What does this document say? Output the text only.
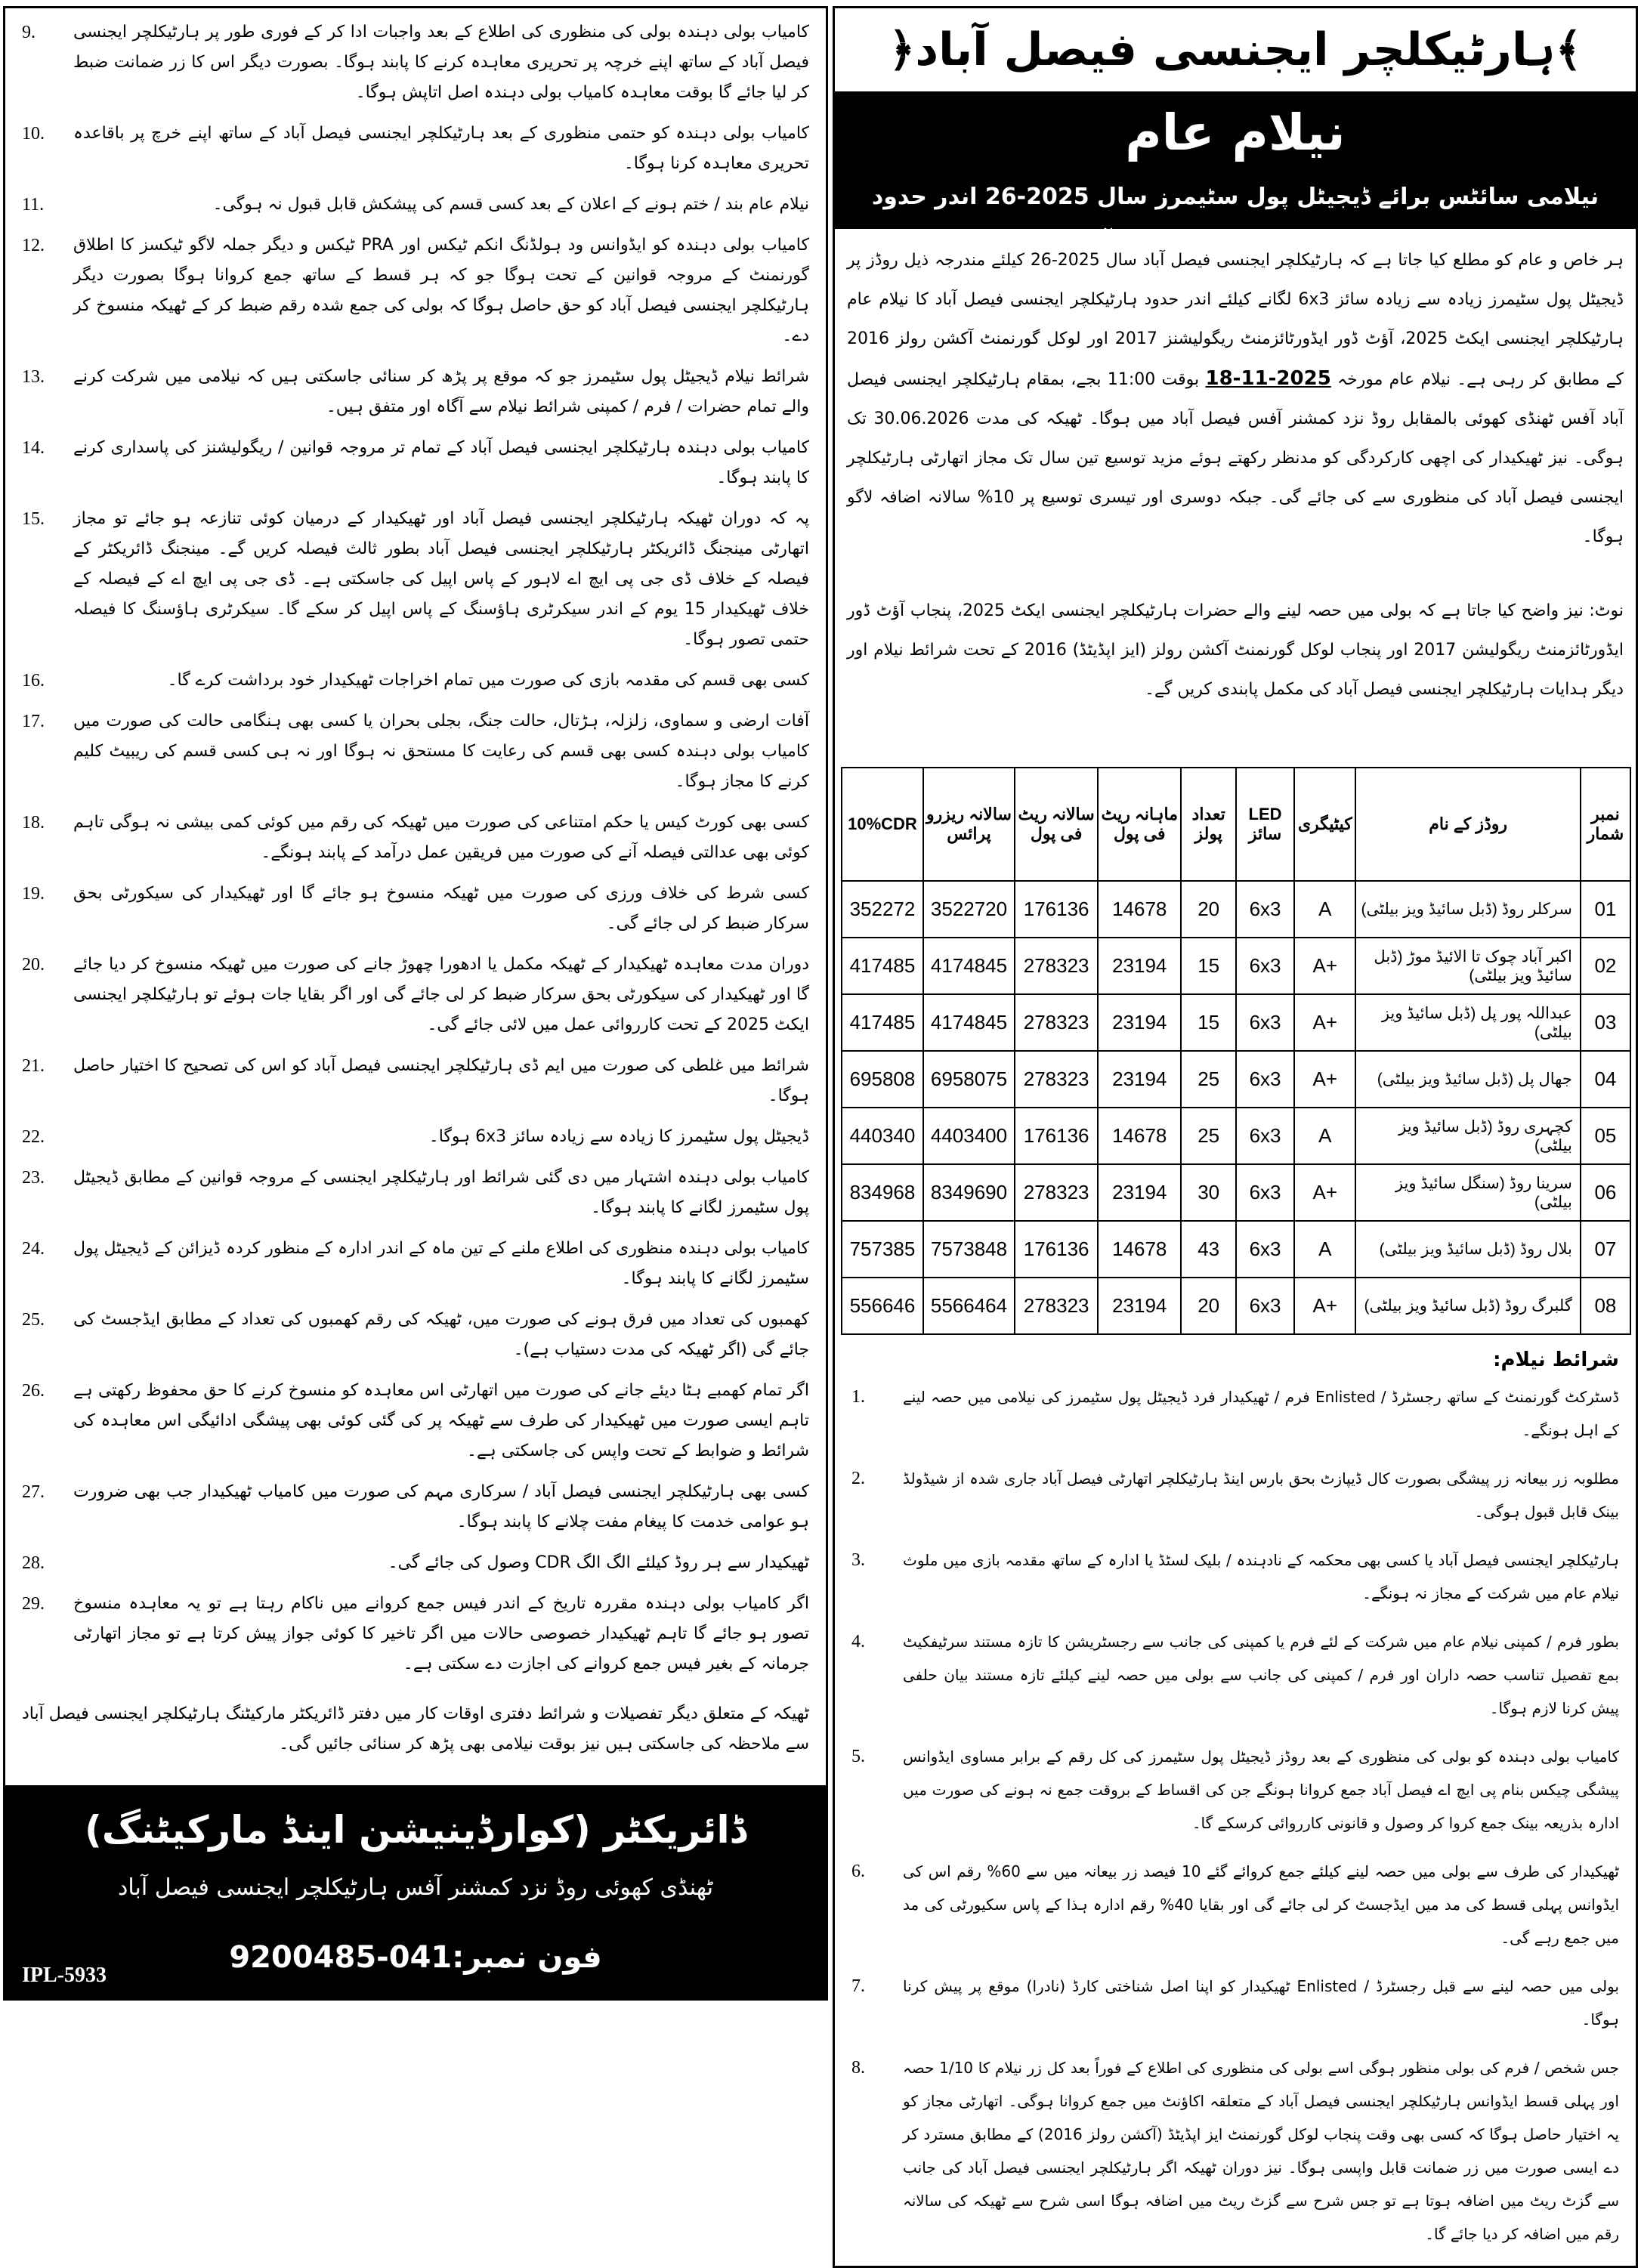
کامیاب بولی دہندہ بولی کی منظوری کی اطلاع کے بعد واجبات ادا کر کے فوری طور پر ہارٹیکلچر ایجنسی فیصل آباد کے ساتھ اپنے خرچہ پر تحریری معاہدہ کرنے کا پابند ہوگا۔ بصورت دیگر اس کا زر ضمانت ضبط کر لیا جائے گا بوقت معاہدہ کامیاب بولی دہندہ اصل اتاپش ہوگا۔
9.
کامیاب بولی دہندہ کو حتمی منظوری کے بعد ہارٹیکلچر ایجنسی فیصل آباد کے ساتھ اپنے خرچ پر باقاعدہ تحریری معاہدہ کرنا ہوگا۔
10.
نیلام عام بند / ختم ہونے کے اعلان کے بعد کسی قسم کی پیشکش قابل قبول نہ ہوگی۔
11.
کامیاب بولی دہندہ کو ایڈوانس ود ہولڈنگ انکم ٹیکس اور PRA ٹیکس و دیگر جملہ لاگو ٹیکسز کا اطلاق گورنمنٹ کے مروجہ قوانین کے تحت ہوگا جو کہ ہر قسط کے ساتھ جمع کروانا ہوگا بصورت دیگر ہارٹیکلچر ایجنسی فیصل آباد کو حق حاصل ہوگا کہ بولی کی جمع شدہ رقم ضبط کر کے ٹھیکہ منسوخ کر دے۔
12.
شرائط نیلام ڈیجیٹل پول سٹیمرز جو کہ موقع پر پڑھ کر سنائی جاسکتی ہیں کہ نیلامی میں شرکت کرنے والے تمام حضرات / فرم / کمپنی شرائط نیلام سے آگاہ اور متفق ہیں۔
13.
کامیاب بولی دہندہ ہارٹیکلچر ایجنسی فیصل آباد کے تمام تر مروجہ قوانین / ریگولیشنز کی پاسداری کرنے کا پابند ہوگا۔
14.
پہ کہ دوران ٹھیکہ ہارٹیکلچر ایجنسی فیصل آباد اور ٹھیکیدار کے درمیان کوئی تنازعہ ہو جائے تو مجاز اتھارٹی مینجنگ ڈائریکٹر ہارٹیکلچر ایجنسی فیصل آباد بطور ثالث فیصلہ کریں گے۔ مینجنگ ڈائریکٹر کے فیصلہ کے خلاف ڈی جی پی ایچ اے لاہور کے پاس اپیل کی جاسکتی ہے۔ ڈی جی پی ایچ اے کے فیصلہ کے خلاف ٹھیکیدار 15 یوم کے اندر سیکرٹری ہاؤسنگ کے پاس اپیل کر سکے گا۔ سیکرٹری ہاؤسنگ کا فیصلہ حتمی تصور ہوگا۔
15.
کسی بھی قسم کی مقدمہ بازی کی صورت میں تمام اخراجات ٹھیکیدار خود برداشت کرے گا۔
16.
آفات ارضی و سماوی، زلزلہ، ہڑتال، حالت جنگ، بجلی بحران یا کسی بھی ہنگامی حالت کی صورت میں کامیاب بولی دہندہ کسی بھی قسم کی رعایت کا مستحق نہ ہوگا اور نہ ہی کسی قسم کی ریبیٹ کلیم کرنے کا مجاز ہوگا۔
17.
کسی بھی کورٹ کیس یا حکم امتناعی کی صورت میں ٹھیکہ کی رقم میں کوئی کمی بیشی نہ ہوگی تاہم کوئی بھی عدالتی فیصلہ آنے کی صورت میں فریقین عمل درآمد کے پابند ہونگے۔
18.
کسی شرط کی خلاف ورزی کی صورت میں ٹھیکہ منسوخ ہو جائے گا اور ٹھیکیدار کی سیکورٹی بحق سرکار ضبط کر لی جائے گی۔
19.
دوران مدت معاہدہ ٹھیکیدار کے ٹھیکہ مکمل یا ادھورا چھوڑ جانے کی صورت میں ٹھیکہ منسوخ کر دیا جائے گا اور ٹھیکیدار کی سیکورٹی بحق سرکار ضبط کر لی جائے گی اور اگر بقایا جات ہوئے تو ہارٹیکلچر ایجنسی ایکٹ 2025 کے تحت کارروائی عمل میں لائی جائے گی۔
20.
شرائط میں غلطی کی صورت میں ایم ڈی ہارٹیکلچر ایجنسی فیصل آباد کو اس کی تصحیح کا اختیار حاصل ہوگا۔
21.
ڈیجیٹل پول سٹیمرز کا زیادہ سے زیادہ سائز 6x3 ہوگا۔
22.
کامیاب بولی دہندہ اشتہار میں دی گئی شرائط اور ہارٹیکلچر ایجنسی کے مروجہ قوانین کے مطابق ڈیجیٹل پول سٹیمرز لگانے کا پابند ہوگا۔
23.
کامیاب بولی دہندہ منظوری کی اطلاع ملنے کے تین ماہ کے اندر ادارہ کے منظور کردہ ڈیزائن کے ڈیجیٹل پول سٹیمرز لگانے کا پابند ہوگا۔
24.
کھمبوں کی تعداد میں فرق ہونے کی صورت میں، ٹھیکہ کی رقم کھمبوں کی تعداد کے مطابق ایڈجسٹ کی جائے گی (اگر ٹھیکہ کی مدت دستیاب ہے)۔
25.
اگر تمام کھمبے ہٹا دیئے جانے کی صورت میں اتھارٹی اس معاہدہ کو منسوخ کرنے کا حق محفوظ رکھتی ہے تاہم ایسی صورت میں ٹھیکیدار کی طرف سے ٹھیکہ پر کی گئی کوئی بھی پیشگی ادائیگی اس معاہدہ کی شرائط و ضوابط کے تحت واپس کی جاسکتی ہے۔
26.
کسی بھی ہارٹیکلچر ایجنسی فیصل آباد / سرکاری مہم کی صورت میں کامیاب ٹھیکیدار جب بھی ضرورت ہو عوامی خدمت کا پیغام مفت چلانے کا پابند ہوگا۔
27.
ٹھیکیدار سے ہر روڈ کیلئے الگ الگ CDR وصول کی جائے گی۔
28.
اگر کامیاب بولی دہندہ مقررہ تاریخ کے اندر فیس جمع کروانے میں ناکام رہتا ہے تو یہ معاہدہ منسوخ تصور ہو جائے گا تاہم ٹھیکیدار خصوصی حالات میں اگر تاخیر کا کوئی جواز پیش کرتا ہے تو مجاز اتھارٹی جرمانہ کے بغیر فیس جمع کروانے کی اجازت دے سکتی ہے۔
29.
ٹھیکہ کے متعلق دیگر تفصیلات و شرائط دفتری اوقات کار میں دفتر ڈائریکٹر مارکیٹنگ ہارٹیکلچر ایجنسی فیصل آباد سے ملاحظہ کی جاسکتی ہیں نیز بوقت نیلامی بھی پڑھ کر سنائی جائیں گی۔
ڈائریکٹر (کوارڈینیشن اینڈ مارکیٹنگ)
ٹھنڈی کھوئی روڈ نزد کمشنر آفس ہارٹیکلچر ایجنسی فیصل آباد
فون نمبر:041-9200485
IPL-5933
﴾ہارٹیکلچر ایجنسی فیصل آباد﴿
نیلام عام
نیلامی سائٹس برائے ڈیجیٹل پول سٹیمرز سال 2025-26 اندر حدود ہارٹیکلچر ایجنسی فیصل آباد
ہر خاص و عام کو مطلع کیا جاتا ہے کہ ہارٹیکلچر ایجنسی فیصل آباد سال 2025-26 کیلئے مندرجہ ذیل روڈز پر ڈیجیٹل پول سٹیمرز زیادہ سے زیادہ سائز 6x3 لگانے کیلئے اندر حدود ہارٹیکلچر ایجنسی فیصل آباد کا نیلام عام ہارٹیکلچر ایجنسی ایکٹ 2025، آؤٹ ڈور ایڈورٹائزمنٹ ریگولیشنز 2017 اور لوکل گورنمنٹ آکشن رولز 2016 کے مطابق کر رہی ہے۔ نیلام عام مورخہ 18-11-2025 بوقت 11:00 بجے، بمقام ہارٹیکلچر ایجنسی فیصل آباد آفس ٹھنڈی کھوئی بالمقابل روڈ نزد کمشنر آفس فیصل آباد میں ہوگا۔ ٹھیکہ کی مدت 30.06.2026 تک ہوگی۔ نیز ٹھیکیدار کی اچھی کارکردگی کو مدنظر رکھتے ہوئے مزید توسیع تین سال تک مجاز اتھارٹی ہارٹیکلچر ایجنسی فیصل آباد کی منظوری سے کی جائے گی۔ جبکہ دوسری اور تیسری توسیع پر 10% سالانہ اضافہ لاگو ہوگا۔
نوٹ: نیز واضح کیا جاتا ہے کہ بولی میں حصہ لینے والے حضرات ہارٹیکلچر ایجنسی ایکٹ 2025، پنجاب آؤٹ ڈور ایڈورٹائزمنٹ ریگولیشن 2017 اور پنجاب لوکل گورنمنٹ آکشن رولز (ایز اپڈیٹڈ) 2016 کے تحت شرائط نیلام اور دیگر ہدایات ہارٹیکلچر ایجنسی فیصل آباد کی مکمل پابندی کریں گے۔
10%CDR	سالانہ ریزرو پرائس	سالانہ ریٹ فی پول	ماہانہ ریٹ فی پول	تعداد پولز	LED سائز	کیٹیگری	روڈز کے نام	نمبر شمار
352272	3522720	176136	14678	20	6x3	A	سرکلر روڈ (ڈبل سائیڈ ویز بیلٹی)	01
417485	4174845	278323	23194	15	6x3	A+	اکبر آباد چوک تا الائیڈ موڑ (ڈبل سائیڈ ویز بیلٹی)	02
417485	4174845	278323	23194	15	6x3	A+	عبداللہ پور پل (ڈبل سائیڈ ویز بیلٹی)	03
695808	6958075	278323	23194	25	6x3	A+	جھال پل (ڈبل سائیڈ ویز بیلٹی)	04
440340	4403400	176136	14678	25	6x3	A	کچہری روڈ (ڈبل سائیڈ ویز بیلٹی)	05
834968	8349690	278323	23194	30	6x3	A+	سرینا روڈ (سنگل سائیڈ ویز بیلٹی)	06
757385	7573848	176136	14678	43	6x3	A	بلال روڈ (ڈبل سائیڈ ویز بیلٹی)	07
556646	5566464	278323	23194	20	6x3	A+	گلبرگ روڈ (ڈبل سائیڈ ویز بیلٹی)	08
شرائط نیلام:
ڈسٹرکٹ گورنمنٹ کے ساتھ رجسٹرڈ / Enlisted فرم / ٹھیکیدار فرد ڈیجیٹل پول سٹیمرز کی نیلامی میں حصہ لینے کے اہل ہونگے۔
1.
مطلوبہ زر بیعانہ زر پیشگی بصورت کال ڈیپازٹ بحق بارس اینڈ ہارٹیکلچر اتھارٹی فیصل آباد جاری شدہ از شیڈولڈ بینک قابل قبول ہوگی۔
2.
ہارٹیکلچر ایجنسی فیصل آباد یا کسی بھی محکمہ کے نادہندہ / بلیک لسٹڈ یا ادارہ کے ساتھ مقدمہ بازی میں ملوث نیلام عام میں شرکت کے مجاز نہ ہونگے۔
3.
بطور فرم / کمپنی نیلام عام میں شرکت کے لئے فرم یا کمپنی کی جانب سے رجسٹریشن کا تازہ مستند سرٹیفکیٹ بمع تفصیل تناسب حصہ داران اور فرم / کمپنی کی جانب سے بولی میں حصہ لینے کیلئے تازہ مستند بیان حلفی پیش کرنا لازم ہوگا۔
4.
کامیاب بولی دہندہ کو بولی کی منظوری کے بعد روڈز ڈیجیٹل پول سٹیمرز کی کل رقم کے برابر مساوی ایڈوانس پیشگی چیکس بنام پی ایچ اے فیصل آباد جمع کروانا ہونگے جن کی اقساط کے بروقت جمع نہ ہونے کی صورت میں ادارہ بذریعہ بینک جمع کروا کر وصول و قانونی کارروائی کرسکے گا۔
5.
ٹھیکیدار کی طرف سے بولی میں حصہ لینے کیلئے جمع کروائے گئے 10 فیصد زر بیعانہ میں سے 60% رقم اس کی ایڈوانس پہلی قسط کی مد میں ایڈجسٹ کر لی جائے گی اور بقایا 40% رقم ادارہ ہذا کے پاس سکیورٹی کی مد میں جمع رہے گی۔
6.
بولی میں حصہ لینے سے قبل رجسٹرڈ / Enlisted ٹھیکیدار کو اپنا اصل شناختی کارڈ (نادرا) موقع پر پیش کرنا ہوگا۔
7.
جس شخص / فرم کی بولی منظور ہوگی اسے بولی کی منظوری کی اطلاع کے فوراً بعد کل زر نیلام کا 1/10 حصہ اور پہلی قسط ایڈوانس ہارٹیکلچر ایجنسی فیصل آباد کے متعلقہ اکاؤنٹ میں جمع کروانا ہوگی۔ اتھارٹی مجاز کو یہ اختیار حاصل ہوگا کہ کسی بھی وقت پنجاب لوکل گورنمنٹ ایز اپڈیٹڈ (آکشن رولز 2016) کے مطابق مسترد کر دے ایسی صورت میں زر ضمانت قابل واپسی ہوگا۔ نیز دوران ٹھیکہ اگر ہارٹیکلچر ایجنسی فیصل آباد کی جانب سے گزٹ ریٹ میں اضافہ ہوتا ہے تو جس شرح سے گزٹ ریٹ میں اضافہ ہوگا اسی شرح سے ٹھیکہ کی سالانہ رقم میں اضافہ کر دیا جائے گا۔
8.
